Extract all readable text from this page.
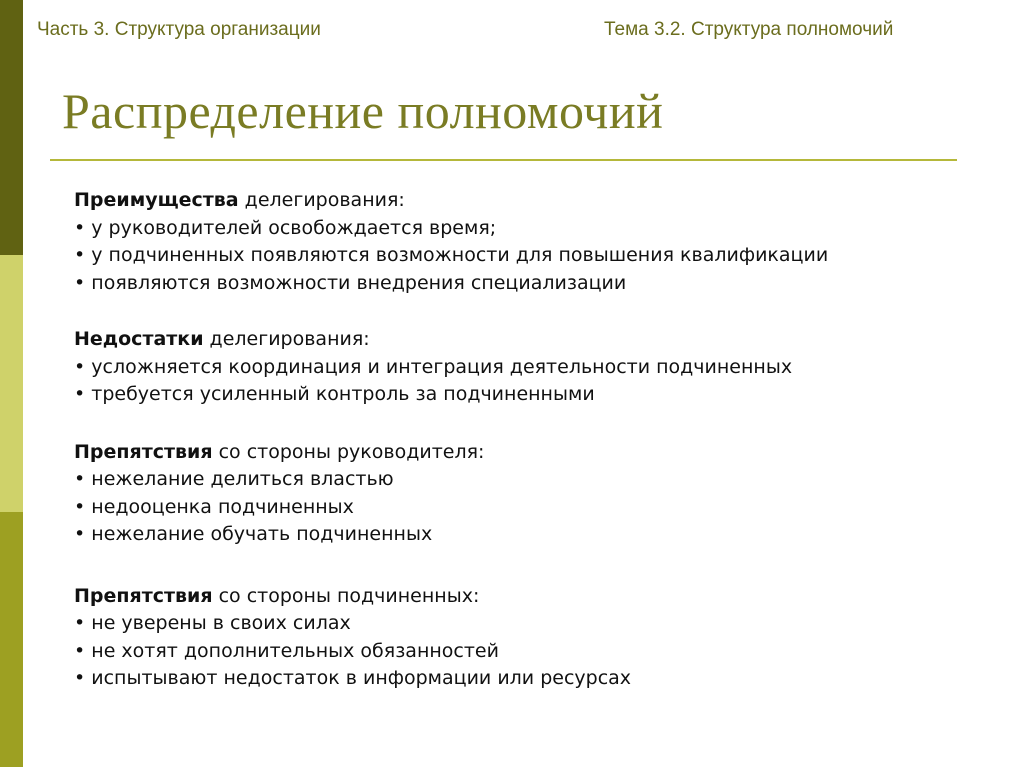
Часть 3. Структура организации	Тема 3.2. Структура полномочий
Распределение полномочий
Преимущества делегирования:
• у руководителей освобождается время;
• у подчиненных появляются возможности для повышения квалификации
• появляются возможности внедрения специализации
Недостатки делегирования:
• усложняется координация и интеграция деятельности подчиненных
• требуется усиленный контроль за подчиненными
Препятствия со стороны руководителя:
• нежелание делиться властью
• недооценка подчиненных
• нежелание обучать подчиненных
Препятствия со стороны подчиненных:
• не уверены в своих силах
• не хотят дополнительных обязанностей
• испытывают недостаток в информации или ресурсах
